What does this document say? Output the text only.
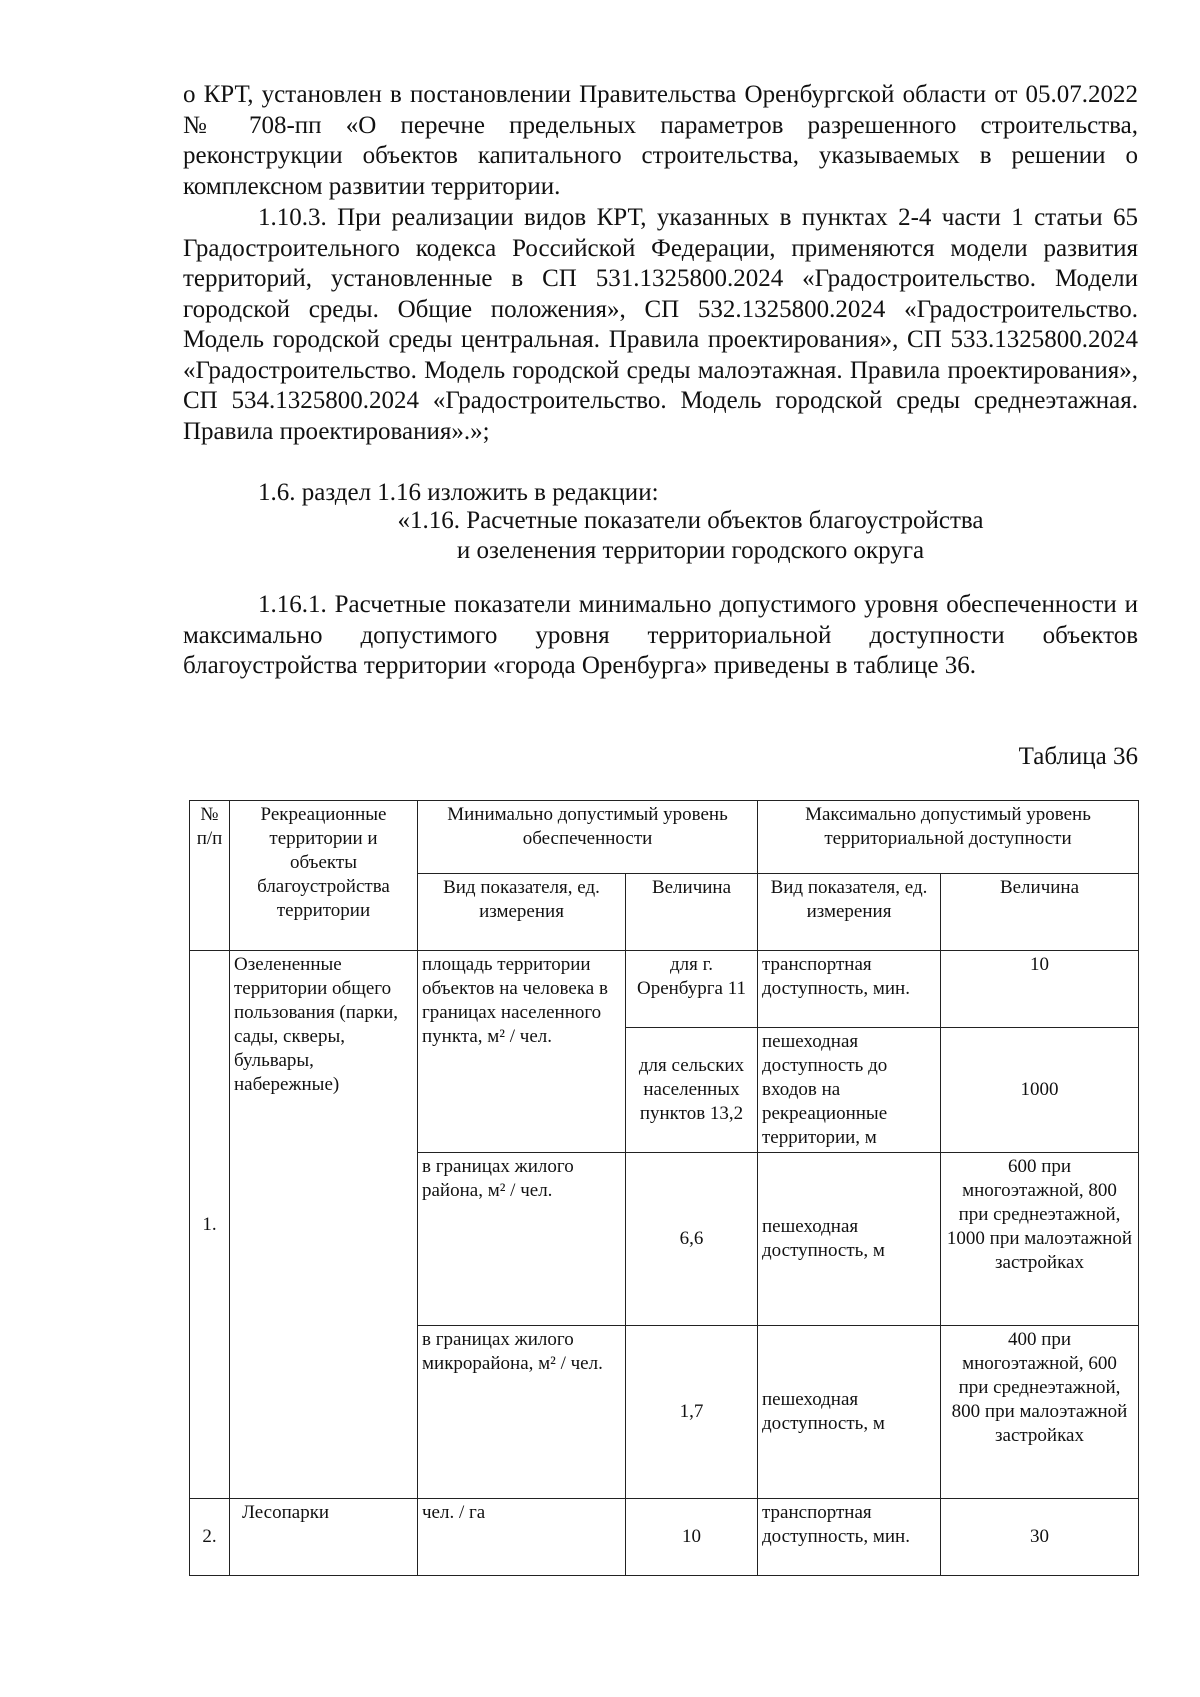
о КРТ, установлен в постановлении Правительства Оренбургской области от 05.07.2022 № 708-пп «О перечне предельных параметров разрешенного строительства, реконструкции объектов капитального строительства, указываемых в решении о комплексном развитии территории.

1.10.3. При реализации видов КРТ, указанных в пунктах 2-4 части 1 статьи 65 Градостроительного кодекса Российской Федерации, применяются модели развития территорий, установленные в СП 531.1325800.2024 «Градостроительство. Модели городской среды. Общие положения», СП 532.1325800.2024 «Градостроительство. Модель городской среды центральная. Правила проектирования», СП 533.1325800.2024 «Градостроительство. Модель городской среды малоэтажная. Правила проектирования», СП 534.1325800.2024 «Градостроительство. Модель городской среды среднеэтажная. Правила проектирования».»;

1.6. раздел 1.16 изложить в редакции:

«1.16. Расчетные показатели объектов благоустройства
и озеленения территории городского округа

1.16.1. Расчетные показатели минимально допустимого уровня обеспеченности и максимально допустимого уровня территориальной доступности объектов благоустройства территории «города Оренбурга» приведены в таблице 36.

Таблица 36
№ п/п	Рекреационные территории и объекты благоустройства территории	Минимально допустимый уровень обеспеченности		Максимально допустимый уровень территориальной доступности	
		Вид показателя, ед. измерения	Величина	Вид показателя, ед. измерения	Величина
1.	Озелененные территории общего пользования (парки, сады, скверы, бульвары, набережные)	площадь территории объектов на человека в границах населенного пункта, м² / чел.	для г. Оренбурга 11	транспортная доступность, мин.	10
			для сельских населенных пунктов 13,2	пешеходная доступность до входов на рекреационные территории, м	1000
		в границах жилого района, м² / чел.	6,6	пешеходная доступность, м	600 при многоэтажной, 800 при среднеэтажной, 1000 при малоэтажной застройках
		в границах жилого микрорайона, м² / чел.	1,7	пешеходная доступность, м	400 при многоэтажной, 600 при среднеэтажной, 800 при малоэтажной застройках
2.	Лесопарки	чел. / га	10	транспортная доступность, мин.	30
